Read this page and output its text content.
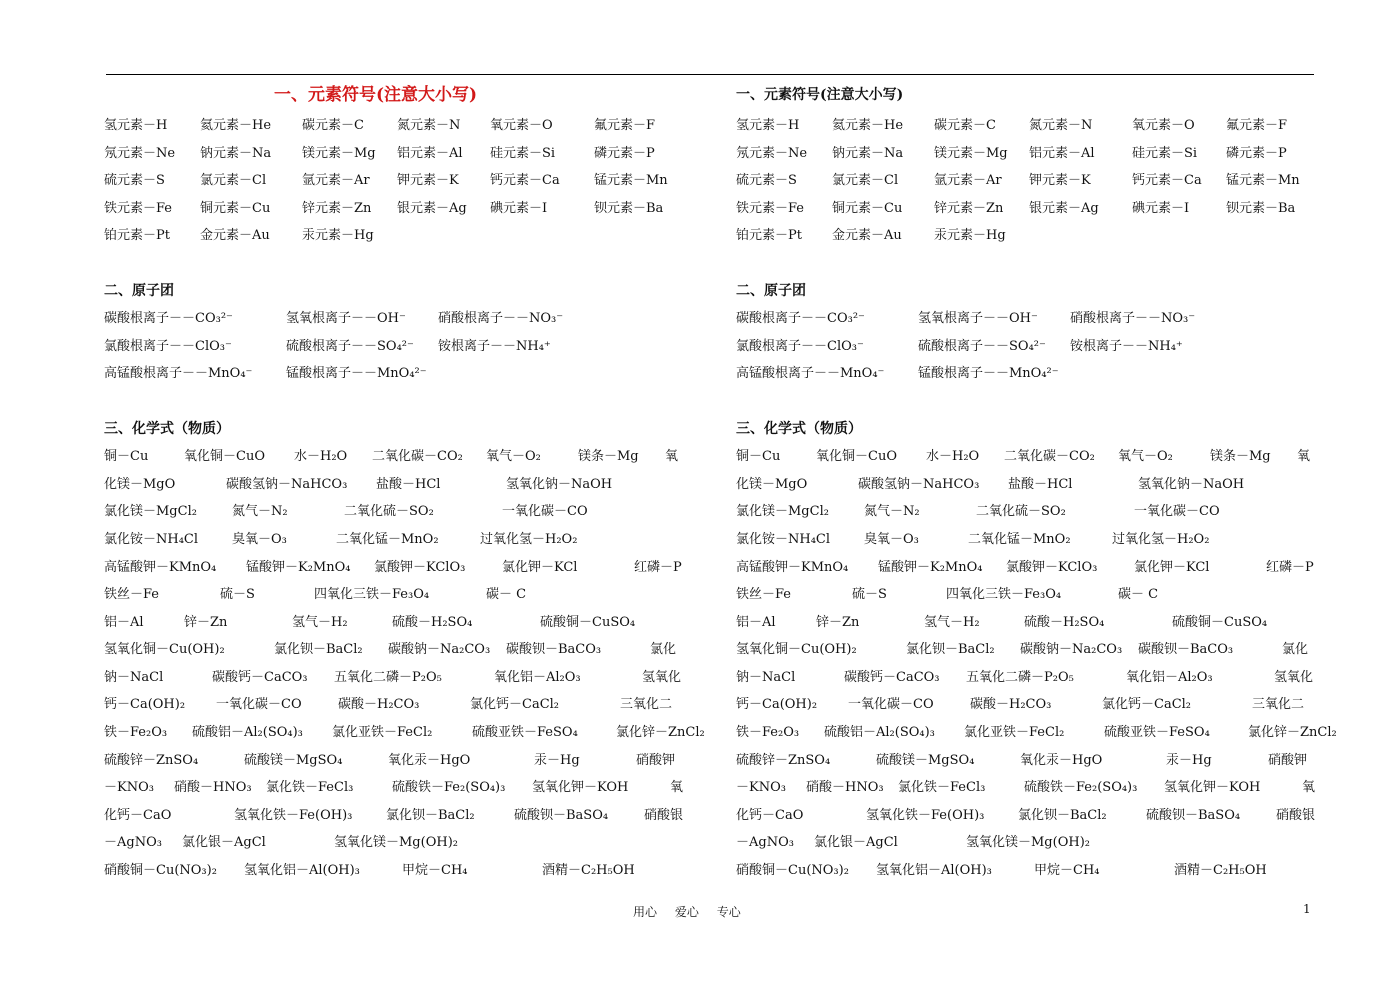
一、元素符号(注意大小写)
氢元素－H	氦元素－He 碳元素－C	氮元素－N 氧元素－O	氟元素－F
氖元素－Ne 钠元素－Na 镁元素－Mg 铝元素－Al 硅元素－Si	磷元素－P
硫元素－S	氯元素－Cl	氩元素－Ar 钾元素－K 钙元素－Ca	锰元素－Mn
铁元素－Fe 铜元素－Cu 锌元素－Zn 银元素－Ag 碘元素－I	钡元素－Ba
铂元素－Pt 金元素－Au 汞元素－Hg
二、原子团
碳酸根离子－－CO₃²⁻	氢氧根离子－－OH⁻ 硝酸根离子－－NO₃⁻
氯酸根离子－－ClO₃⁻	硫酸根离子－－SO₄²⁻ 铵根离子－－NH₄⁺
高锰酸根离子－－MnO₄⁻	锰酸根离子－－MnO₄²⁻
三、化学式（物质）
铜－Cu	氧化铜－CuO 水－H₂O 二氧化碳－CO₂ 氧气－O₂	镁条－Mg 氧
化镁－MgO	碳酸氢钠－NaHCO₃ 盐酸－HCl	氢氧化钠－NaOH
氯化镁－MgCl₂	氮气－N₂	二氧化硫－SO₂	一氧化碳－CO
氯化铵－NH₄Cl	臭氧－O₃	二氧化锰－MnO₂	过氧化氢－H₂O₂
高锰酸钾－KMnO₄ 锰酸钾－K₂MnO₄ 氯酸钾－KClO₃	氯化钾－KCl	红磷－P
铁丝－Fe	硫－S	四氧化三铁－Fe₃O₄	碳－ C
铝－Al	锌－Zn	氢气－H₂	硫酸－H₂SO₄	硫酸铜－CuSO₄
氢氧化铜－Cu(OH)₂	氯化钡－BaCl₂ 碳酸钠－Na₂CO₃ 碳酸钡－BaCO₃	氯化
钠－NaCl	碳酸钙－CaCO₃ 五氧化二磷－P₂O₅	氧化铝－Al₂O₃	氢氧化
钙－Ca(OH)₂ 一氧化碳－CO	碳酸－H₂CO₃	氯化钙－CaCl₂	三氧化二
铁－Fe₂O₃ 硫酸铝－Al₂(SO₄)₃ 氯化亚铁－FeCl₂	硫酸亚铁－FeSO₄	氯化锌－ZnCl₂
硫酸锌－ZnSO₄	硫酸镁－MgSO₄	氧化汞－HgO	汞－Hg	硝酸钾
－KNO₃ 硝酸－HNO₃ 氯化铁－FeCl₃	硫酸铁－Fe₂(SO₄)₃ 氢氧化钾－KOH	氧
化钙－CaO	氢氧化铁－Fe(OH)₃	氯化钡－BaCl₂	硫酸钡－BaSO₄	硝酸银
－AgNO₃ 氯化银－AgCl	氢氧化镁－Mg(OH)₂
硝酸铜－Cu(NO₃)₂ 氢氧化铝－Al(OH)₃	甲烷－CH₄	酒精－C₂H₅OH
一、元素符号(注意大小写)
氢元素－H	氦元素－He 碳元素－C	氮元素－N	氧元素－O 氟元素－F
氖元素－Ne 钠元素－Na 镁元素－Mg 铝元素－Al	硅元素－Si 磷元素－P
硫元素－S	氯元素－Cl	氩元素－Ar 钾元素－K	钙元素－Ca 锰元素－Mn
铁元素－Fe 铜元素－Cu 锌元素－Zn 银元素－Ag	碘元素－I	钡元素－Ba
铂元素－Pt 金元素－Au 汞元素－Hg
二、原子团
碳酸根离子－－CO₃²⁻	氢氧根离子－－OH⁻ 硝酸根离子－－NO₃⁻
氯酸根离子－－ClO₃⁻	硫酸根离子－－SO₄²⁻ 铵根离子－－NH₄⁺
高锰酸根离子－－MnO₄⁻	锰酸根离子－－MnO₄²⁻
三、化学式（物质）
铜－Cu	氧化铜－CuO 水－H₂O 二氧化碳－CO₂ 氧气－O₂	镁条－Mg 氧
化镁－MgO	碳酸氢钠－NaHCO₃ 盐酸－HCl	氢氧化钠－NaOH
氯化镁－MgCl₂	氮气－N₂	二氧化硫－SO₂	一氧化碳－CO
氯化铵－NH₄Cl	臭氧－O₃	二氧化锰－MnO₂	过氧化氢－H₂O₂
高锰酸钾－KMnO₄ 锰酸钾－K₂MnO₄ 氯酸钾－KClO₃	氯化钾－KCl	红磷－P
铁丝－Fe	硫－S	四氧化三铁－Fe₃O₄	碳－ C
铝－Al	锌－Zn	氢气－H₂	硫酸－H₂SO₄	硫酸铜－CuSO₄
氢氧化铜－Cu(OH)₂	氯化钡－BaCl₂ 碳酸钠－Na₂CO₃ 碳酸钡－BaCO₃	氯化
钠－NaCl	碳酸钙－CaCO₃ 五氧化二磷－P₂O₅	氧化铝－Al₂O₃	氢氧化
钙－Ca(OH)₂ 一氧化碳－CO	碳酸－H₂CO₃	氯化钙－CaCl₂	三氧化二
铁－Fe₂O₃ 硫酸铝－Al₂(SO₄)₃ 氯化亚铁－FeCl₂	硫酸亚铁－FeSO₄	氯化锌－ZnCl₂
硫酸锌－ZnSO₄	硫酸镁－MgSO₄	氧化汞－HgO	汞－Hg	硝酸钾
－KNO₃ 硝酸－HNO₃ 氯化铁－FeCl₃	硫酸铁－Fe₂(SO₄)₃ 氢氧化钾－KOH	氧
化钙－CaO	氢氧化铁－Fe(OH)₃	氯化钡－BaCl₂	硫酸钡－BaSO₄	硝酸银
－AgNO₃ 氯化银－AgCl	氢氧化镁－Mg(OH)₂
硝酸铜－Cu(NO₃)₂ 氢氧化铝－Al(OH)₃	甲烷－CH₄	酒精－C₂H₅OH
用心 爱心 专心	1
